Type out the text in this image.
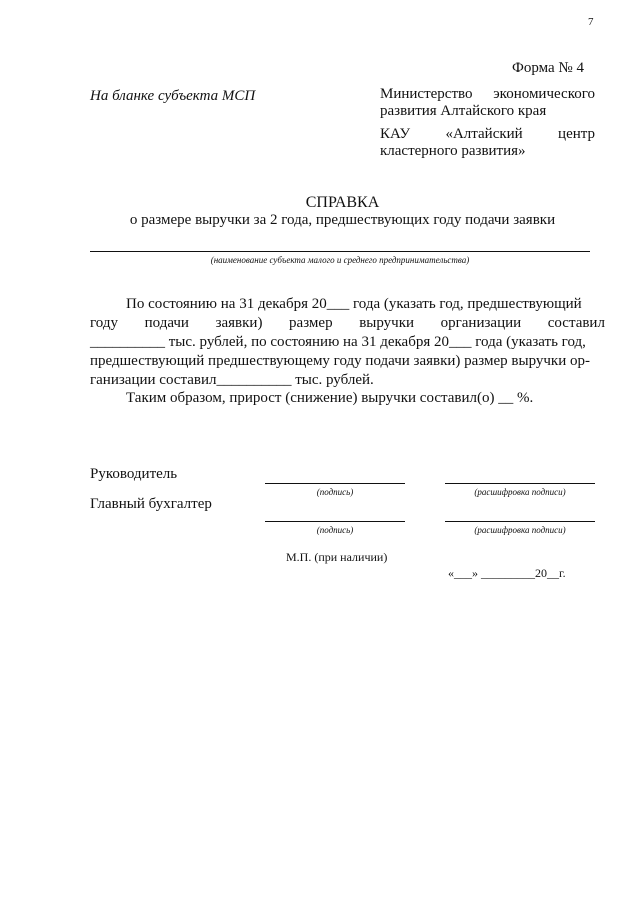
7
Форма № 4
На бланке субъекта МСП	Министерство экономического
развития Алтайского края
КАУ «Алтайский центр
кластерного развития»
СПРАВКА
о размере выручки за 2 года, предшествующих году подачи заявки
(наименование субъекта малого и среднего предпринимательства)
По состоянию на 31 декабря 20___ года (указать год, предшествующий
году подачи заявки) размер выручки организации составил
__________ тыс. рублей, по состоянию на 31 декабря 20___ года (указать год,
предшествующий предшествующему году подачи заявки) размер выручки ор-
ганизации составил__________ тыс. рублей.
Таким образом, прирост (снижение) выручки составил(о) __ %.
Руководитель
(подпись)	(расшифровка подписи)
Главный бухгалтер
(подпись)	(расшифровка подписи)
М.П. (при наличии)
«___» _________20__г.
